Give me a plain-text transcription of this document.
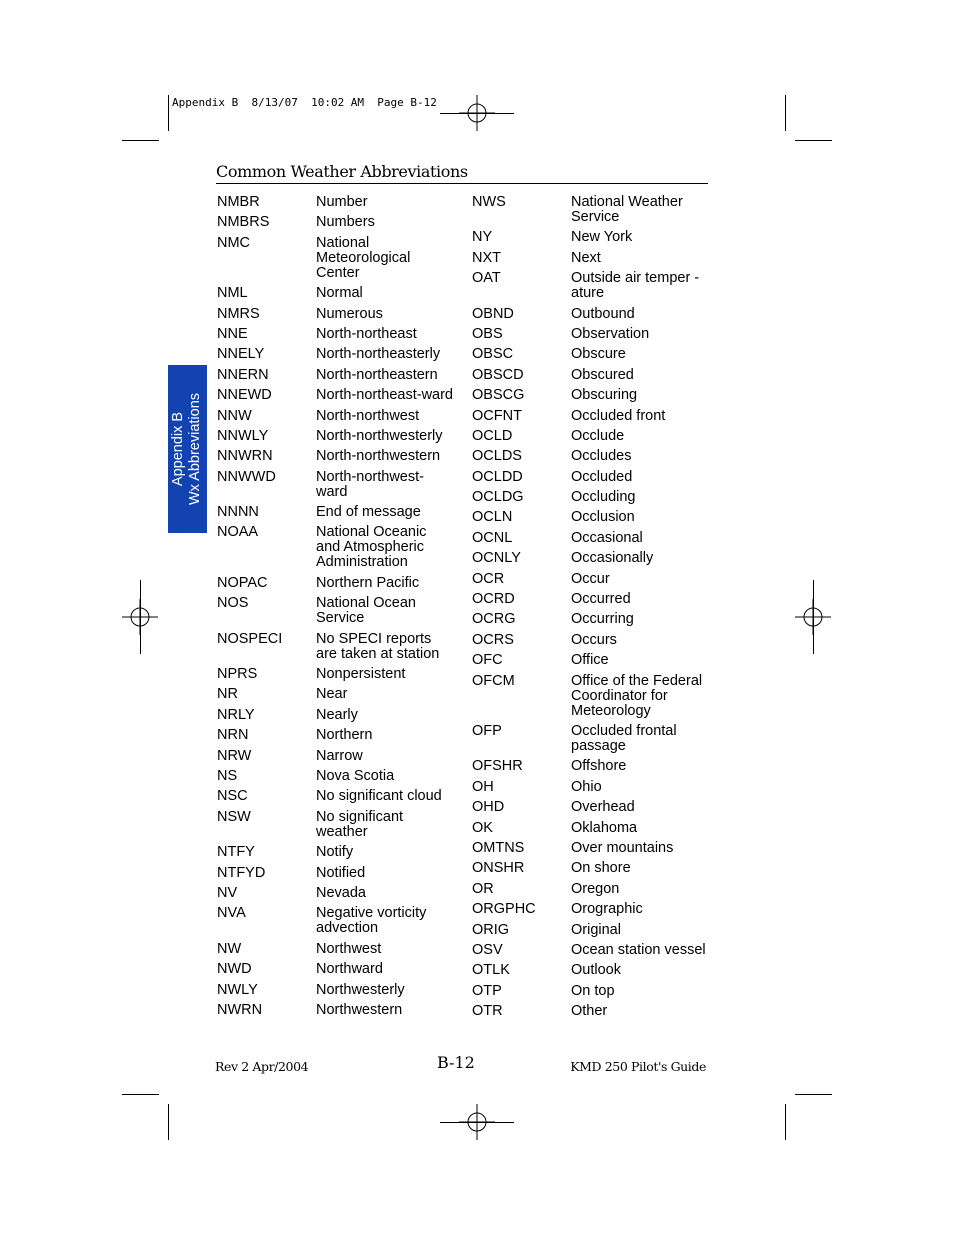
Appendix B  8/13/07  10:02 AM  Page B-12
Common Weather Abbreviations
Appendix B Wx Abbreviations
NMBR	Number
NMBRS	Numbers
NMC	National Meteorological Center
NML	Normal
NMRS	Numerous
NNE	North-northeast
NNELY	North-northeasterly
NNERN	North-northeastern
NNEWD	North-northeast-ward
NNW	North-northwest
NNWLY	North-northwesterly
NNWRN	North-northwestern
NNWWD	North-northwest-ward
NNNN	End of message
NOAA	National Oceanic and Atmospheric Administration
NOPAC	Northern Pacific
NOS	National Ocean Service
NOSPECI	No SPECI reports are taken at station
NPRS	Nonpersistent
NR	Near
NRLY	Nearly
NRN	Northern
NRW	Narrow
NS	Nova Scotia
NSC	No significant cloud
NSW	No significant weather
NTFY	Notify
NTFYD	Notified
NV	Nevada
NVA	Negative vorticity advection
NW	Northwest
NWD	Northward
NWLY	Northwesterly
NWRN	Northwestern
NWS	National Weather Service
NY	New York
NXT	Next
OAT	Outside air temper - ature
OBND	Outbound
OBS	Observation
OBSC	Obscure
OBSCD	Obscured
OBSCG	Obscuring
OCFNT	Occluded front
OCLD	Occlude
OCLDS	Occludes
OCLDD	Occluded
OCLDG	Occluding
OCLN	Occlusion
OCNL	Occasional
OCNLY	Occasionally
OCR	Occur
OCRD	Occurred
OCRG	Occurring
OCRS	Occurs
OFC	Office
OFCM	Office of the Federal Coordinator for Meteorology
OFP	Occluded frontal passage
OFSHR	Offshore
OH	Ohio
OHD	Overhead
OK	Oklahoma
OMTNS	Over mountains
ONSHR	On shore
OR	Oregon
ORGPHC	Orographic
ORIG	Original
OSV	Ocean station vessel
OTLK	Outlook
OTP	On top
OTR	Other
Rev 2 Apr/2004	B-12	KMD 250 Pilot's Guide
